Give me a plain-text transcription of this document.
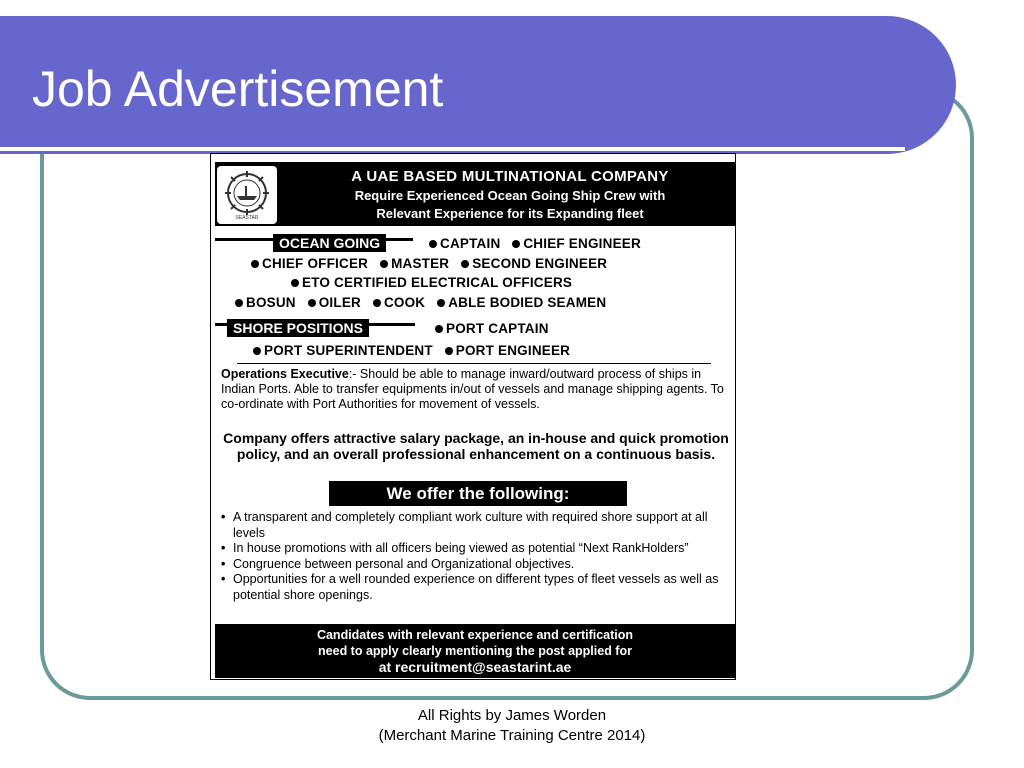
Job Advertisement
SEASTAR
A UAE BASED MULTINATIONAL COMPANY
Require Experienced Ocean Going Ship Crew with
Relevant Experience for its Expanding fleet
OCEAN GOING	CAPTAIN CHIEF ENGINEER
CHIEF OFFICER MASTER SECOND ENGINEER
ETO CERTIFIED ELECTRICAL OFFICERS
BOSUN OILER COOK ABLE BODIED SEAMEN
SHORE POSITIONS	PORT CAPTAIN
PORT SUPERINTENDENT PORT ENGINEER
Operations Executive:- Should be able to manage inward/outward process of ships in Indian Ports. Able to transfer equipments in/out of vessels and manage shipping agents. To co-ordinate with Port Authorities for movement of vessels.
Company offers attractive salary package, an in-house and quick promotion policy, and an overall professional enhancement on a continuous basis.
We offer the following:
• A transparent and completely compliant work culture with required shore support at all levels
• In house promotions with all officers being viewed as potential “Next RankHolders”
• Congruence between personal and Organizational objectives.
• Opportunities for a well rounded experience on different types of fleet vessels as well as potential shore openings.
Candidates with relevant experience and certification
need to apply clearly mentioning the post applied for
at recruitment@seastarint.ae
All Rights by James Worden
(Merchant Marine Training Centre 2014)
